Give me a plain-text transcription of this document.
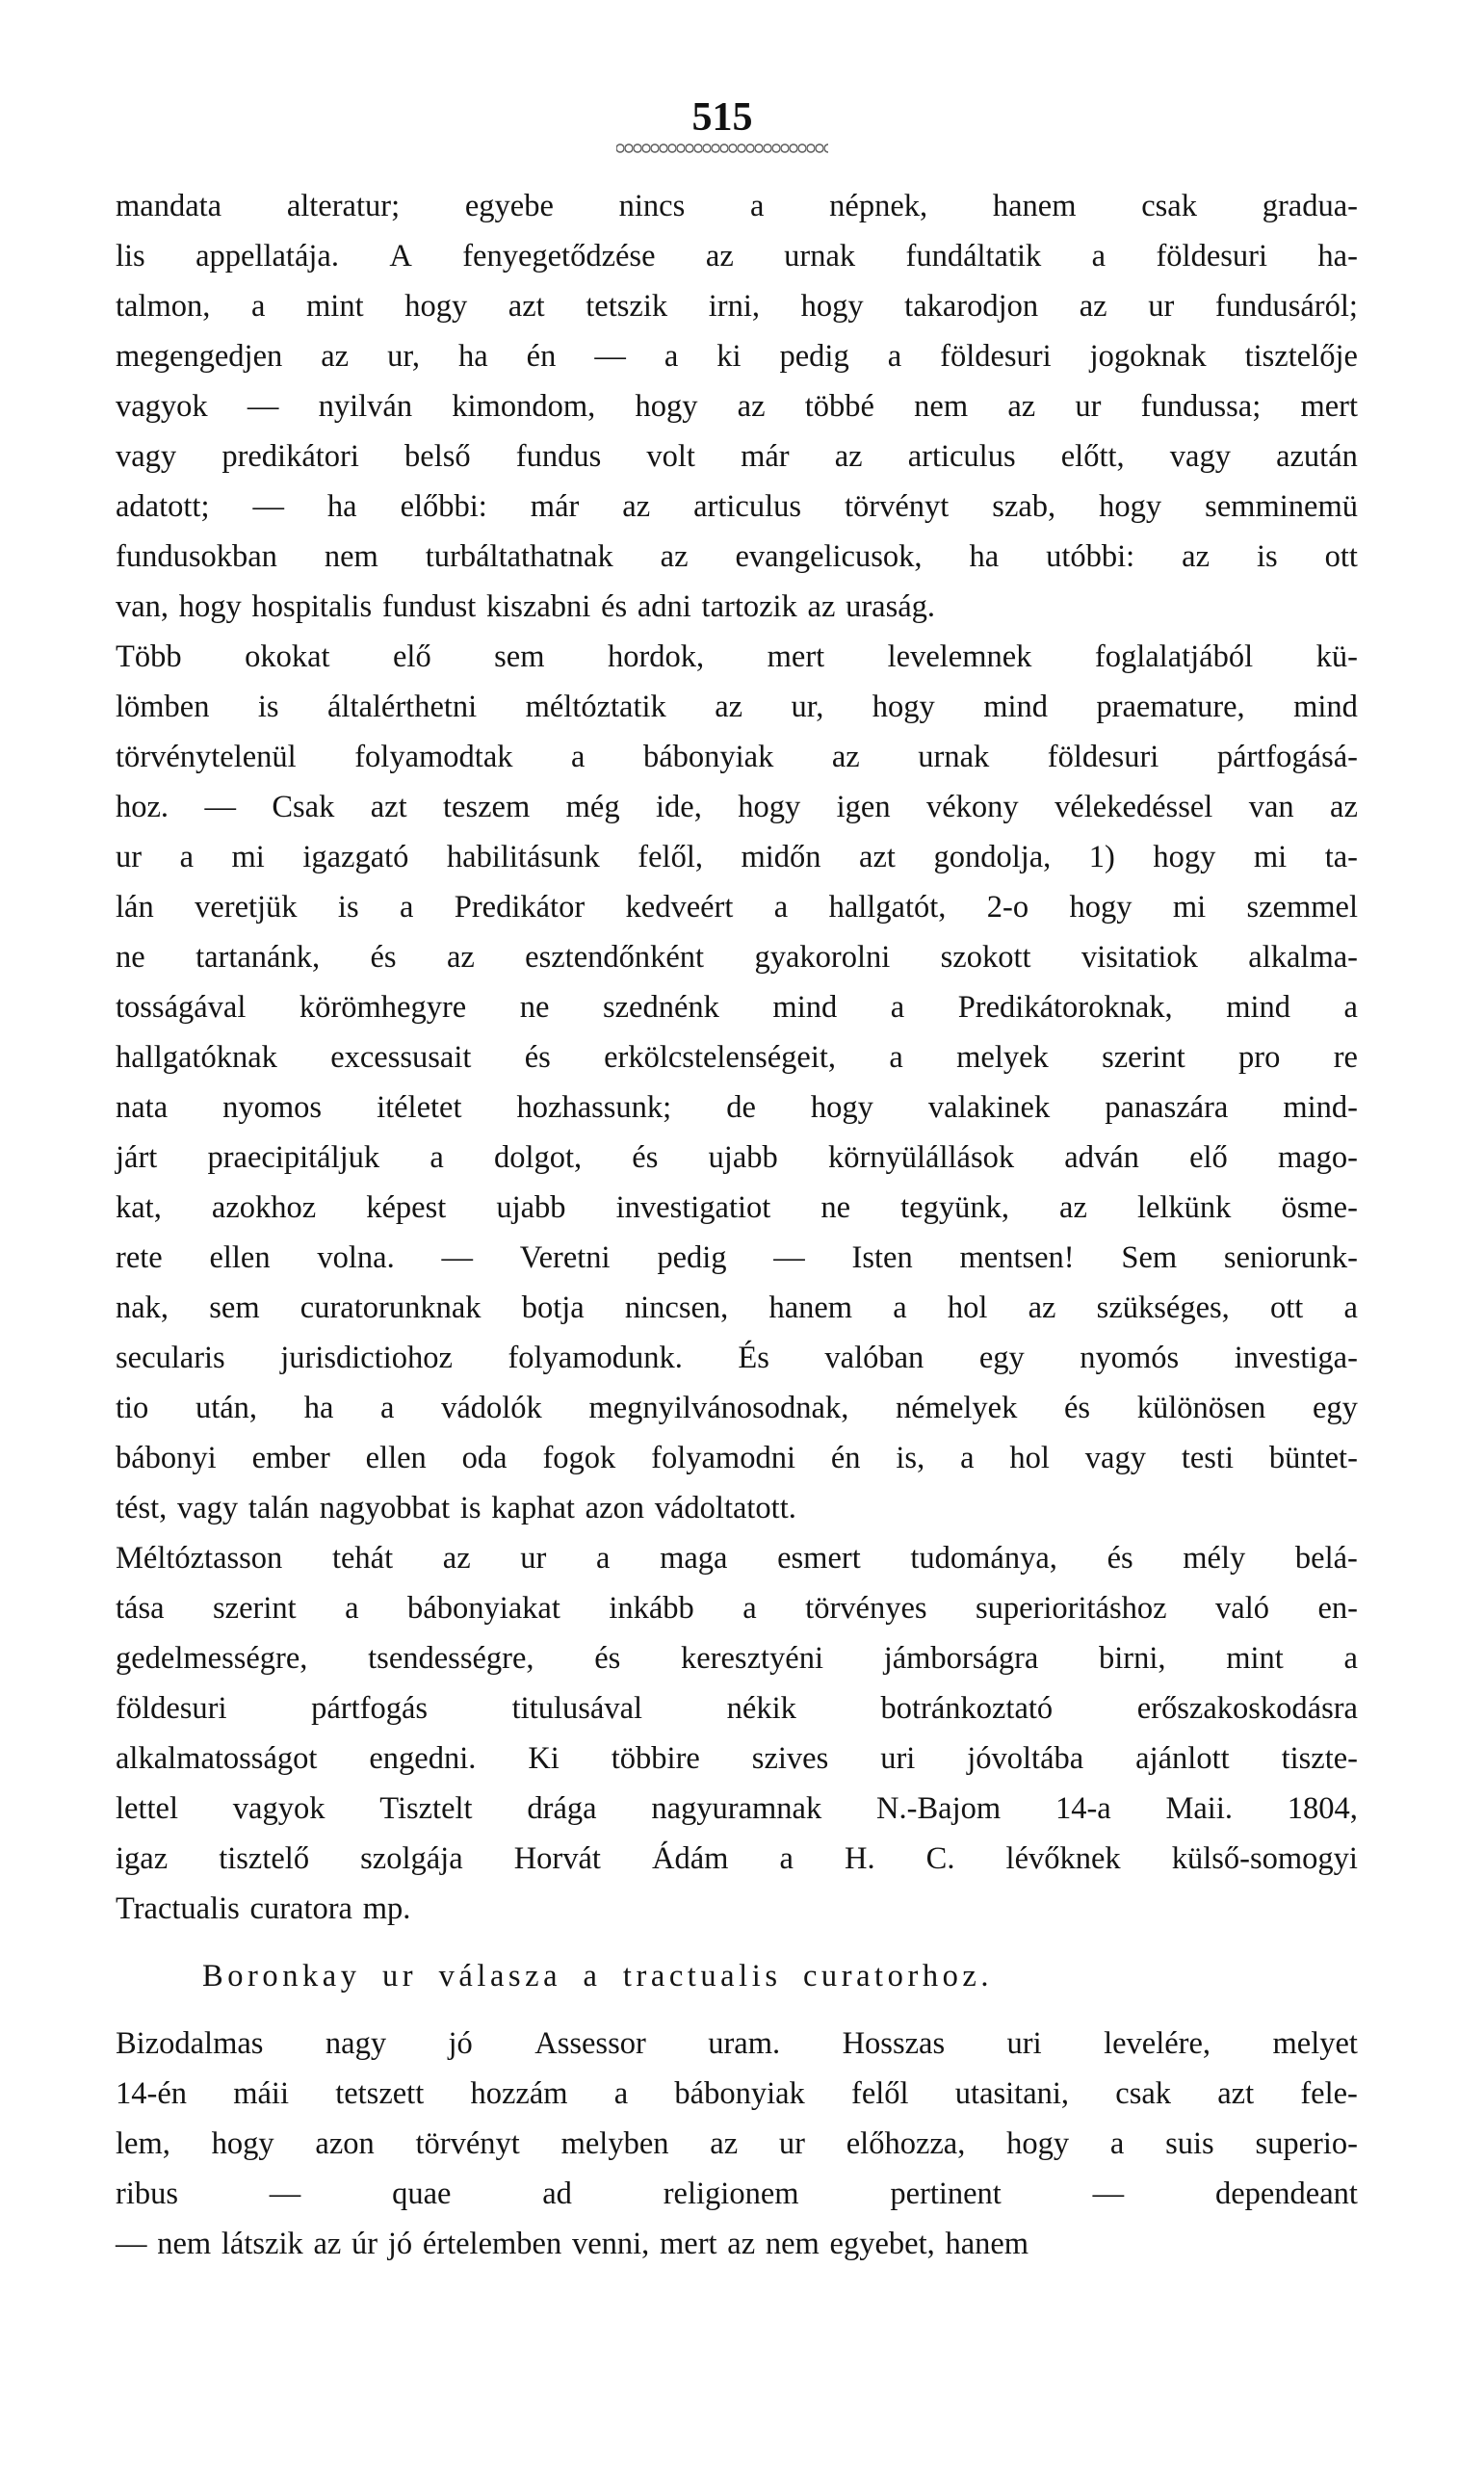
515
mandata alteratur; egyebe nincs a népnek, hanem csak gradua-
lis appellatája. A fenyegetődzése az urnak fundáltatik a földesuri ha-
talmon, a mint hogy azt tetszik irni, hogy takarodjon az ur fundusáról;
megengedjen az ur, ha én — a ki pedig a földesuri jogoknak tisztelője
vagyok — nyilván kimondom, hogy az többé nem az ur fundussa; mert
vagy predikátori belső fundus volt már az articulus előtt, vagy azután
adatott; — ha előbbi: már az articulus törvényt szab, hogy semminemü
fundusokban nem turbáltathatnak az evangelicusok, ha utóbbi: az is ott
van, hogy hospitalis fundust kiszabni és adni tartozik az uraság.
Több okokat elő sem hordok, mert levelemnek foglalatjából kü-
lömben is általérthetni méltóztatik az ur, hogy mind praemature, mind
törvénytelenül folyamodtak a bábonyiak az urnak földesuri pártfogásá-
hoz. — Csak azt teszem még ide, hogy igen vékony vélekedéssel van az
ur a mi igazgató habilitásunk felől, midőn azt gondolja, 1) hogy mi ta-
lán veretjük is a Predikátor kedveért a hallgatót, 2-o hogy mi szemmel
ne tartanánk, és az esztendőnként gyakorolni szokott visitatiok alkalma-
tosságával körömhegyre ne szednénk mind a Predikátoroknak, mind a
hallgatóknak excessusait és erkölcstelenségeit, a melyek szerint pro re
nata nyomos itéletet hozhassunk; de hogy valakinek panaszára mind-
járt praecipitáljuk a dolgot, és ujabb környülállások adván elő mago-
kat, azokhoz képest ujabb investigatiot ne tegyünk, az lelkünk ösme-
rete ellen volna. — Veretni pedig — Isten mentsen! Sem seniorunk-
nak, sem curatorunknak botja nincsen, hanem a hol az szükséges, ott a
secularis jurisdictiohoz folyamodunk. És valóban egy nyomós investiga-
tio után, ha a vádolók megnyilvánosodnak, némelyek és különösen egy
bábonyi ember ellen oda fogok folyamodni én is, a hol vagy testi büntet-
tést, vagy talán nagyobbat is kaphat azon vádoltatott.
Méltóztasson tehát az ur a maga esmert tudománya, és mély belá-
tása szerint a bábonyiakat inkább a törvényes superioritáshoz való en-
gedelmességre, tsendességre, és keresztyéni jámborságra birni, mint a
földesuri	pártfogás	titulusával	nékik	botránkoztató	erőszakoskodásra
alkalmatosságot engedni. Ki többire szives uri jóvoltába ajánlott tiszte-
lettel vagyok Tisztelt drága nagyuramnak N.-Bajom 14-a Maii. 1804,
igaz tisztelő szolgája Horvát Ádám a H. C. lévőknek külső-somogyi
Tractualis curatora mp.
Boronkay ur válasza a tractualis curatorhoz.
Bizodalmas nagy jó Assessor uram. Hosszas uri levelére, melyet
14-én máii tetszett hozzám a bábonyiak felől utasitani, csak azt fele-
lem, hogy azon törvényt melyben az ur előhozza, hogy a suis superio-
ribus	—	quae	ad	religionem	pertinent	—	dependeant
— nem látszik az úr jó értelemben venni, mert az nem egyebet, hanem
